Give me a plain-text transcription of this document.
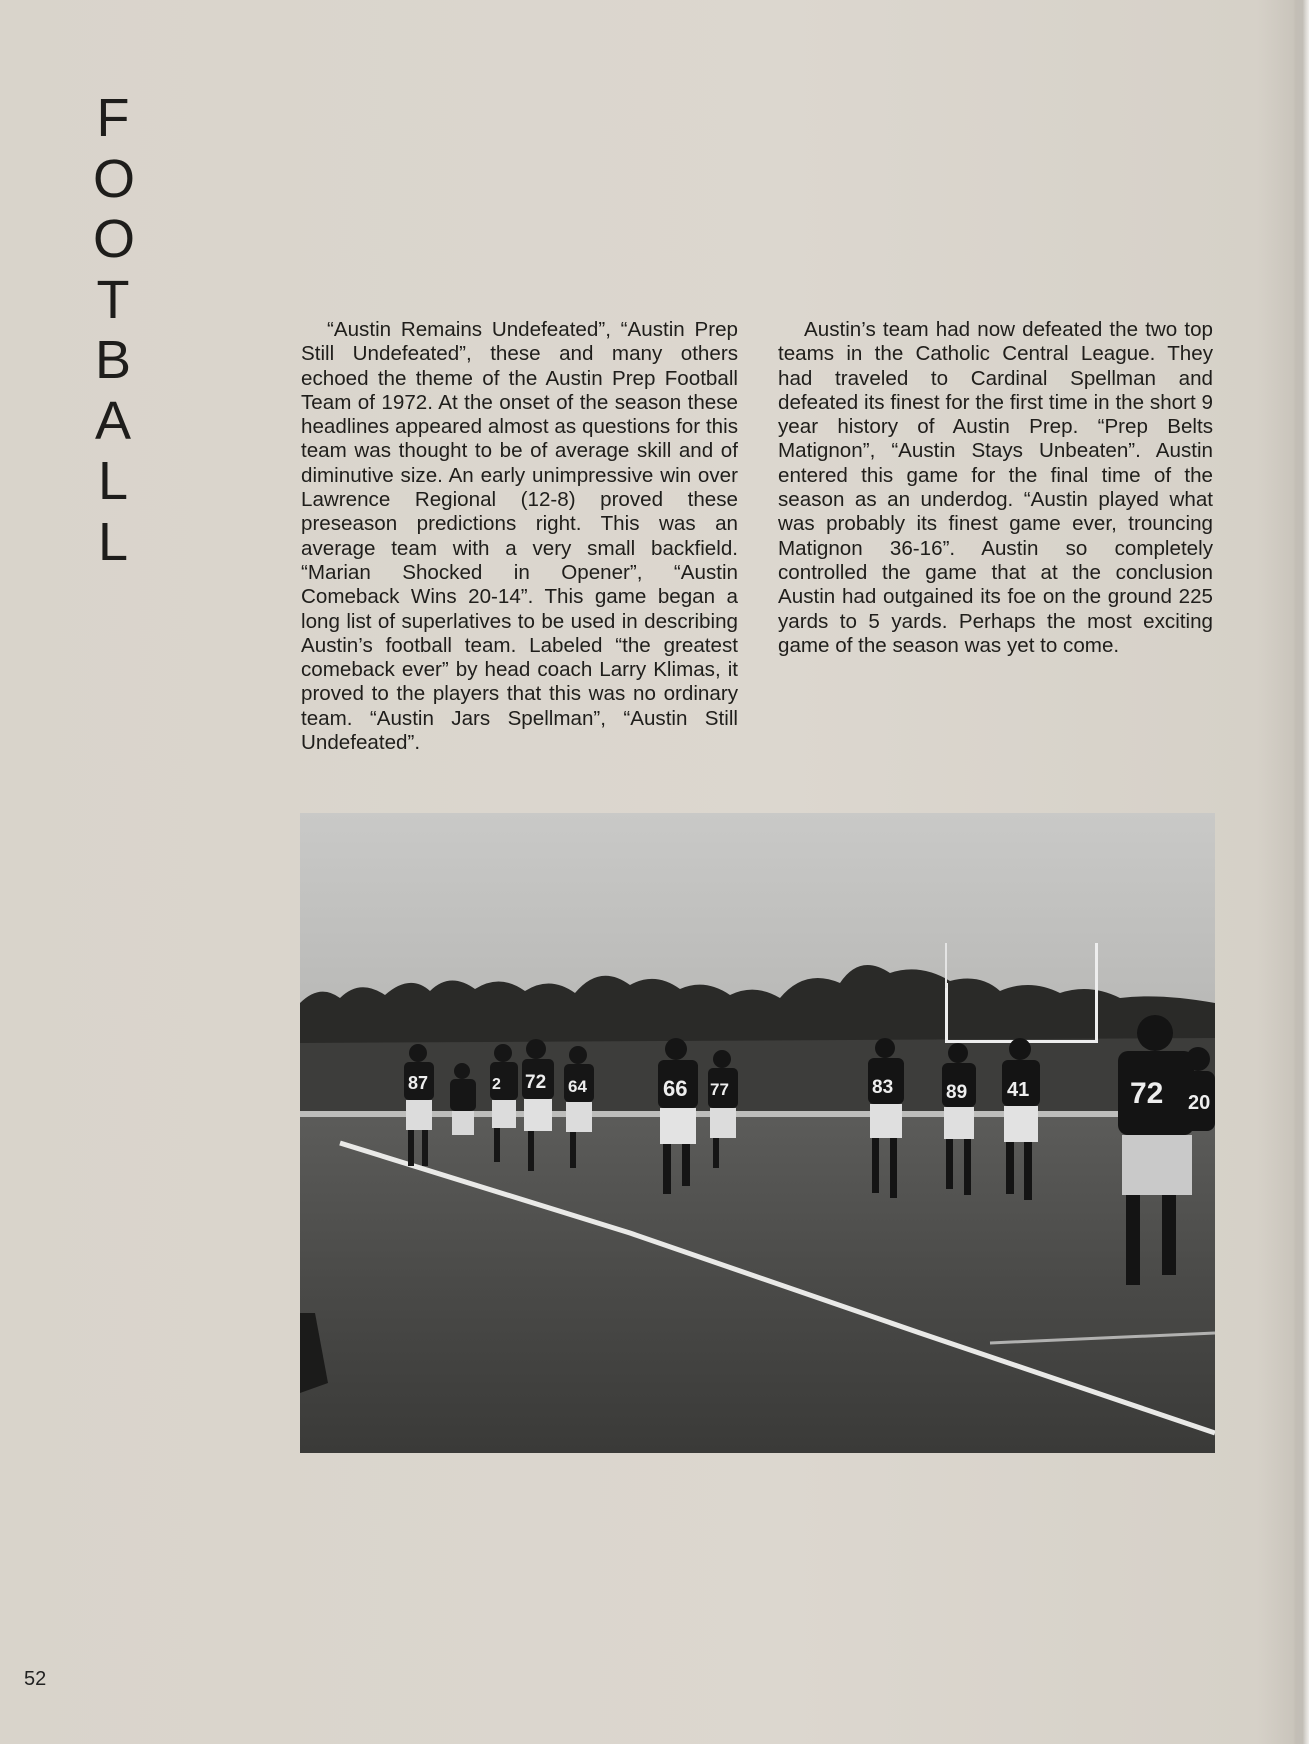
F
O
O
T
B
A
L
L

“Austin Remains Undefeated”, “Austin Prep Still Undefeated”, these and many others echoed the theme of the Austin Prep Football Team of 1972. At the onset of the season these headlines appeared almost as questions for this team was thought to be of average skill and of diminutive size. An early unimpressive win over Lawrence Regional (12-8) proved these preseason predictions right. This was an average team with a very small backfield. “Marian Shocked in Opener”, “Austin Comeback Wins 20-14”. This game began a long list of superlatives to be used in describing Austin’s football team. Labeled “the greatest comeback ever” by head coach Larry Klimas, it proved to the players that this was no ordinary team. “Austin Jars Spellman”, “Austin Still Undefeated”.

Austin’s team had now defeated the two top teams in the Catholic Central League. They had traveled to Cardinal Spellman and defeated its finest for the first time in the short 9 year history of Austin Prep. “Prep Belts Matignon”, “Austin Stays Unbeaten”. Austin entered this game for the final time of the season as an underdog. “Austin played what was probably its finest game ever, trouncing Matignon 36-16”. Austin so completely controlled the game that at the conclusion Austin had outgained its foe on the ground 225 yards to 5 yards. Perhaps the most exciting game of the season was yet to come.

87	2 72 64	66 77	83	89 41	72 20
52
